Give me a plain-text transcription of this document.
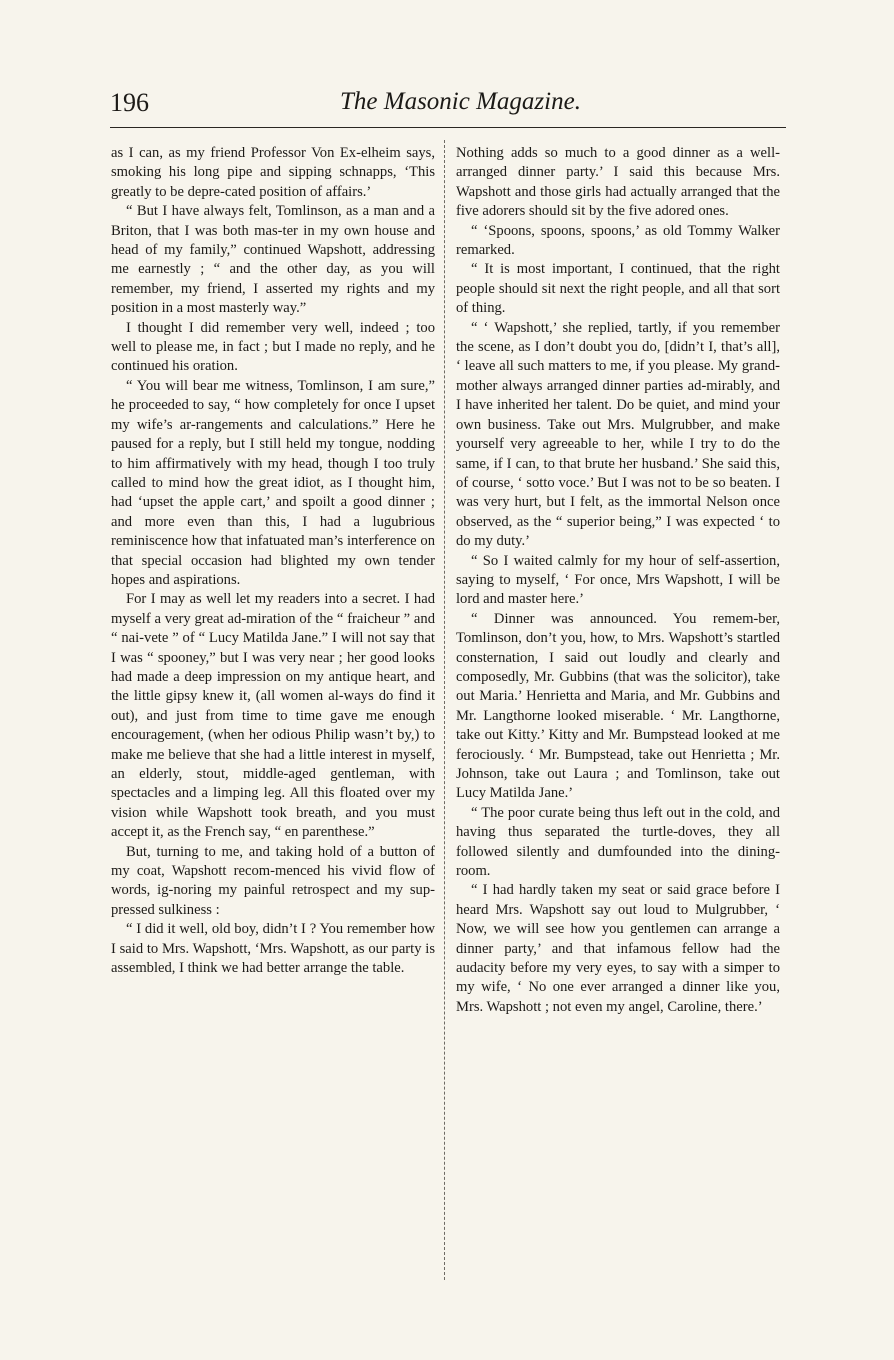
196	The Masonic Magazine.

as I can, as my friend Professor Von Ex-elheim says, smoking his long pipe and sipping schnapps, ‘This greatly to be depre-cated position of affairs.’

“ But I have always felt, Tomlinson, as a man and a Briton, that I was both mas-ter in my own house and head of my family,” continued Wapshott, addressing me earnestly ; “ and the other day, as you will remember, my friend, I asserted my rights and my position in a most masterly way.”

I thought I did remember very well, indeed ; too well to please me, in fact ; but I made no reply, and he continued his oration.

“ You will bear me witness, Tomlinson, I am sure,” he proceeded to say, “ how completely for once I upset my wife’s ar-rangements and calculations.” Here he paused for a reply, but I still held my tongue, nodding to him affirmatively with my head, though I too truly called to mind how the great idiot, as I thought him, had ‘upset the apple cart,’ and spoilt a good dinner ; and more even than this, I had a lugubrious reminiscence how that infatuated man’s interference on that special occasion had blighted my own tender hopes and aspirations.

For I may as well let my readers into a secret. I had myself a very great ad-miration of the “ fraicheur ” and “ nai-vete ” of “ Lucy Matilda Jane.” I will not say that I was “ spooney,” but I was very near ; her good looks had made a deep impression on my antique heart, and the little gipsy knew it, (all women al-ways do find it out), and just from time to time gave me enough encouragement, (when her odious Philip wasn’t by,) to make me believe that she had a little interest in myself, an elderly, stout, middle-aged gentleman, with spectacles and a limping leg. All this floated over my vision while Wapshott took breath, and you must accept it, as the French say, “ en parenthese.”

But, turning to me, and taking hold of a button of my coat, Wapshott recom-menced his vivid flow of words, ig-noring my painful retrospect and my sup-pressed sulkiness :

“ I did it well, old boy, didn’t I ? You remember how I said to Mrs. Wapshott, ‘Mrs. Wapshott, as our party is assembled, I think we had better arrange the table.

Nothing adds so much to a good dinner as a well-arranged dinner party.’ I said this because Mrs. Wapshott and those girls had actually arranged that the five adorers should sit by the five adored ones.

“ ‘Spoons, spoons, spoons,’ as old Tommy Walker remarked.

“ It is most important, I continued, that the right people should sit next the right people, and all that sort of thing.

“ ‘ Wapshott,’ she replied, tartly, if you remember the scene, as I don’t doubt you do, [didn’t I, that’s all], ‘ leave all such matters to me, if you please. My grand-mother always arranged dinner parties ad-mirably, and I have inherited her talent. Do be quiet, and mind your own business. Take out Mrs. Mulgrubber, and make yourself very agreeable to her, while I try to do the same, if I can, to that brute her husband.’ She said this, of course, ‘ sotto voce.’ But I was not to be so beaten. I was very hurt, but I felt, as the immortal Nelson once observed, as the “ superior being,” I was expected ‘ to do my duty.’

“ So I waited calmly for my hour of self-assertion, saying to myself, ‘ For once, Mrs Wapshott, I will be lord and master here.’

“ Dinner was announced. You remem-ber, Tomlinson, don’t you, how, to Mrs. Wapshott’s startled consternation, I said out loudly and clearly and composedly, Mr. Gubbins (that was the solicitor), take out Maria.’ Henrietta and Maria, and Mr. Gubbins and Mr. Langthorne looked miserable. ‘ Mr. Langthorne, take out Kitty.’ Kitty and Mr. Bumpstead looked at me ferociously. ‘ Mr. Bumpstead, take out Henrietta ; Mr. Johnson, take out Laura ; and Tomlinson, take out Lucy Matilda Jane.’

“ The poor curate being thus left out in the cold, and having thus separated the turtle-doves, they all followed silently and dumfounded into the dining-room.

“ I had hardly taken my seat or said grace before I heard Mrs. Wapshott say out loud to Mulgrubber, ‘ Now, we will see how you gentlemen can arrange a dinner party,’ and that infamous fellow had the audacity before my very eyes, to say with a simper to my wife, ‘ No one ever arranged a dinner like you, Mrs. Wapshott ; not even my angel, Caroline, there.’
